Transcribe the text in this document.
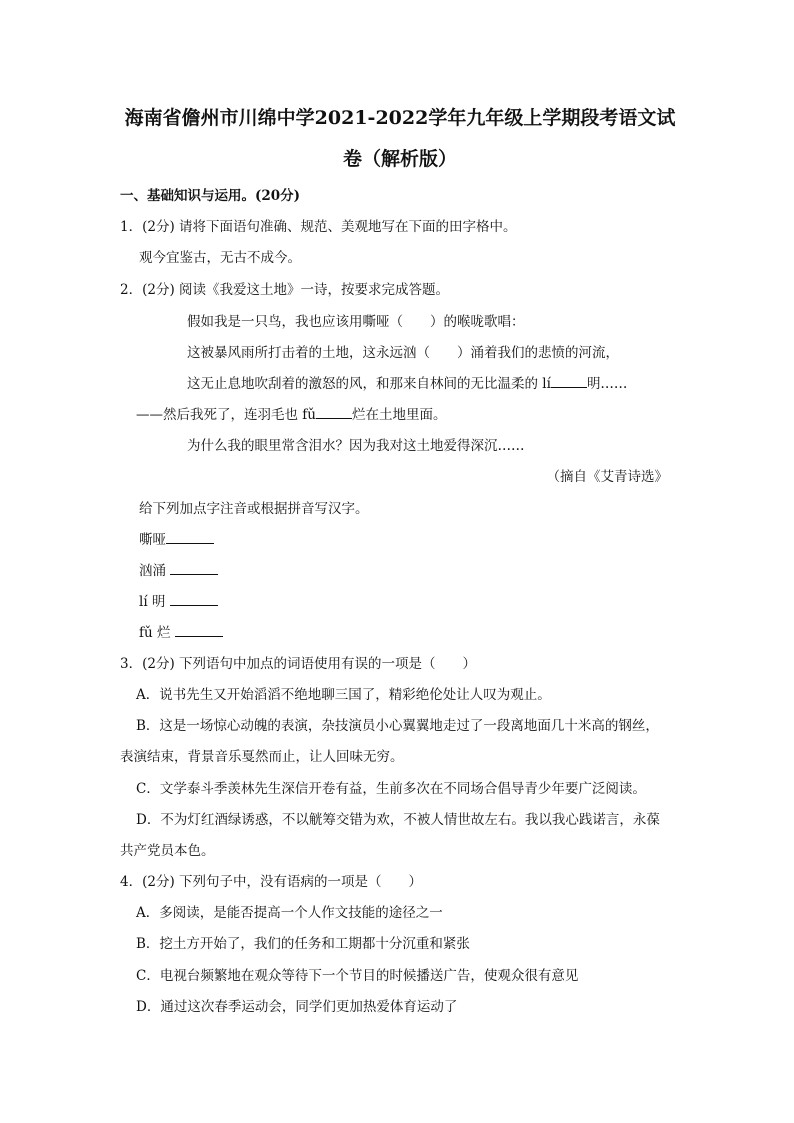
海南省儋州市川绵中学2021-2022学年九年级上学期段考语文试
卷（解析版）
一、基础知识与运用。(20分)
1．(2分) 请将下面语句准确、规范、美观地写在下面的田字格中。
观今宜鉴古，无古不成今。
2．(2分) 阅读《我爱这土地》一诗，按要求完成答题。
假如我是一只鸟，我也应该用嘶哑（　　）的喉咙歌唱：
这被暴风雨所打击着的土地，这永远汹（　　）涌着我们的悲愤的河流，
这无止息地吹刮着的激怒的风，和那来自林间的无比温柔的 lí	明……
——然后我死了，连羽毛也 fǔ	烂在土地里面。
为什么我的眼里常含泪水？因为我对这土地爱得深沉……
（摘自《艾青诗选》
给下列加点字注音或根据拼音写汉字。
嘶哑
汹涌
lí 明
fǔ 烂
3．(2分) 下列语句中加点的词语使用有误的一项是（　　）
A．说书先生又开始滔滔不绝地聊三国了，精彩绝伦处让人叹为观止。
B．这是一场惊心动魄的表演，杂技演员小心翼翼地走过了一段离地面几十米高的钢丝，
表演结束，背景音乐戛然而止，让人回味无穷。
C．文学泰斗季羡林先生深信开卷有益，生前多次在不同场合倡导青少年要广泛阅读。
D．不为灯红酒绿诱惑，不以觥筹交错为欢，不被人情世故左右。我以我心践诺言，永葆
共产党员本色。
4．(2分) 下列句子中，没有语病的一项是（　　）
A．多阅读，是能否提高一个人作文技能的途径之一
B．挖土方开始了，我们的任务和工期都十分沉重和紧张
C．电视台频繁地在观众等待下一个节目的时候播送广告，使观众很有意见
D．通过这次春季运动会，同学们更加热爱体育运动了
